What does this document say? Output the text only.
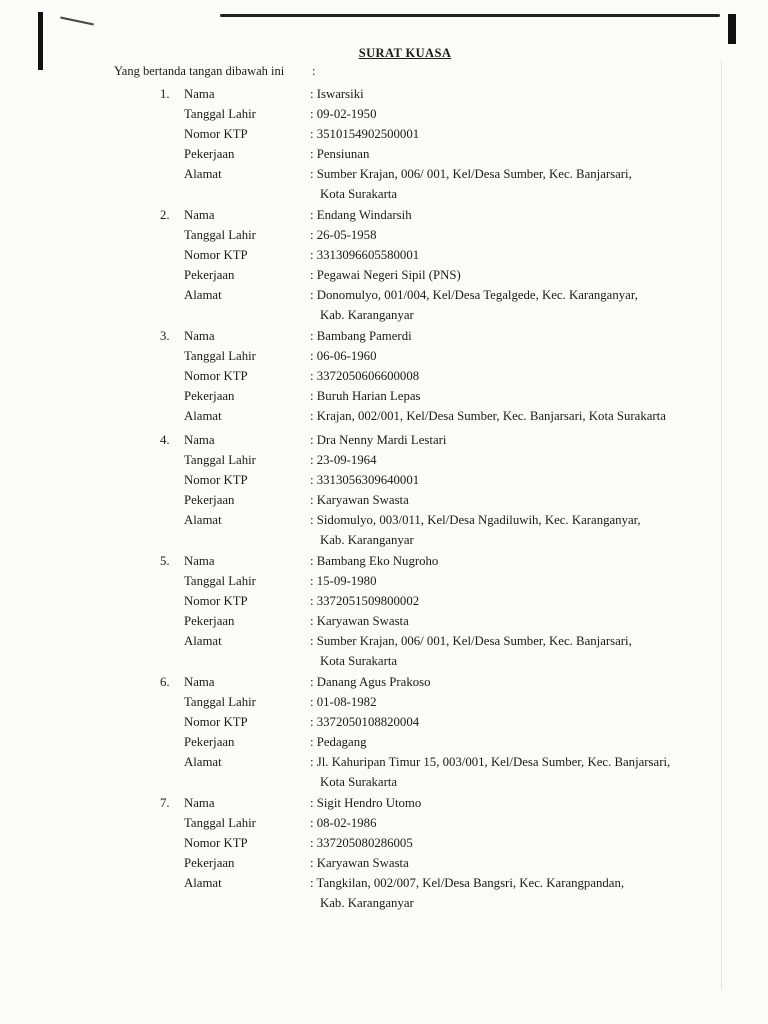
SURAT KUASA
Yang bertanda tangan dibawah ini :
1.	Nama	: Iswarsiki
Tanggal Lahir	: 09-02-1950
Nomor KTP	: 3510154902500001
Pekerjaan	: Pensiunan
Alamat	: Sumber Krajan, 006/ 001, Kel/Desa Sumber, Kec. Banjarsari,
Kota Surakarta
2.	Nama	: Endang Windarsih
Tanggal Lahir	: 26-05-1958
Nomor KTP	: 3313096605580001
Pekerjaan	: Pegawai Negeri Sipil (PNS)
Alamat	: Donomulyo, 001/004, Kel/Desa Tegalgede, Kec. Karanganyar,
Kab. Karanganyar
3.	Nama	: Bambang Pamerdi
Tanggal Lahir	: 06-06-1960
Nomor KTP	: 3372050606600008
Pekerjaan	: Buruh Harian Lepas
Alamat	: Krajan, 002/001, Kel/Desa Sumber, Kec. Banjarsari, Kota Surakarta
4.	Nama	: Dra Nenny Mardi Lestari
Tanggal Lahir	: 23-09-1964
Nomor KTP	: 3313056309640001
Pekerjaan	: Karyawan Swasta
Alamat	: Sidomulyo, 003/011, Kel/Desa Ngadiluwih, Kec. Karanganyar,
Kab. Karanganyar
5.	Nama	: Bambang Eko Nugroho
Tanggal Lahir	: 15-09-1980
Nomor KTP	: 3372051509800002
Pekerjaan	: Karyawan Swasta
Alamat	: Sumber Krajan, 006/ 001, Kel/Desa Sumber, Kec. Banjarsari,
Kota Surakarta
6.	Nama	: Danang Agus Prakoso
Tanggal Lahir	: 01-08-1982
Nomor KTP	: 3372050108820004
Pekerjaan	: Pedagang
Alamat	: Jl. Kahuripan Timur 15, 003/001, Kel/Desa Sumber, Kec. Banjarsari,
Kota Surakarta
7.	Nama	: Sigit Hendro Utomo
Tanggal Lahir	: 08-02-1986
Nomor KTP	: 337205080286005
Pekerjaan	: Karyawan Swasta
Alamat	: Tangkilan, 002/007, Kel/Desa Bangsri, Kec. Karangpandan,
Kab. Karanganyar
